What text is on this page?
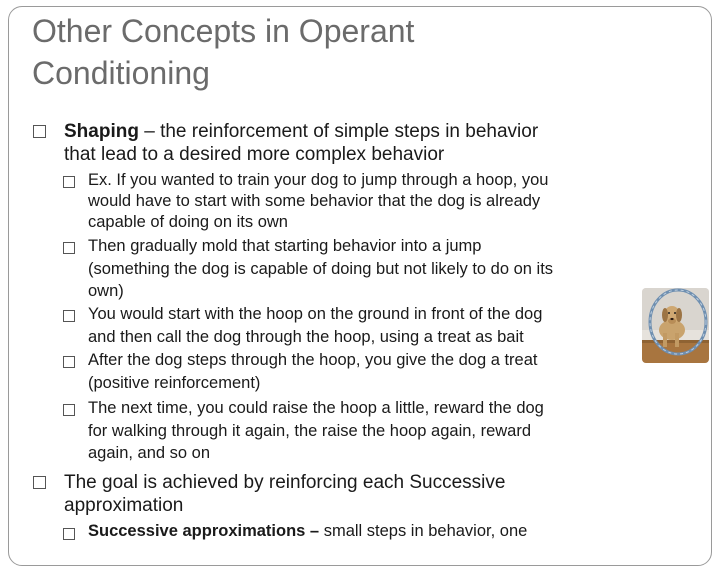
Other Concepts in Operant
Conditioning
Shaping – the reinforcement of simple steps in behavior
that lead to a desired more complex behavior
Ex. If you wanted to train your dog to jump through a hoop, you
would have to start with some behavior that the dog is already
capable of doing on its own
Then gradually mold that starting behavior into a jump
(something the dog is capable of doing but not likely to do on its
own)
You would start with the hoop on the ground in front of the dog
and then call the dog through the hoop, using a treat as bait
After the dog steps through the hoop, you give the dog a treat
(positive reinforcement)
The next time, you could raise the hoop a little, reward the dog
for walking through it again, the raise the hoop again, reward
again, and so on
The goal is achieved by reinforcing each Successive
approximation
Successive approximations – small steps in behavior, one
